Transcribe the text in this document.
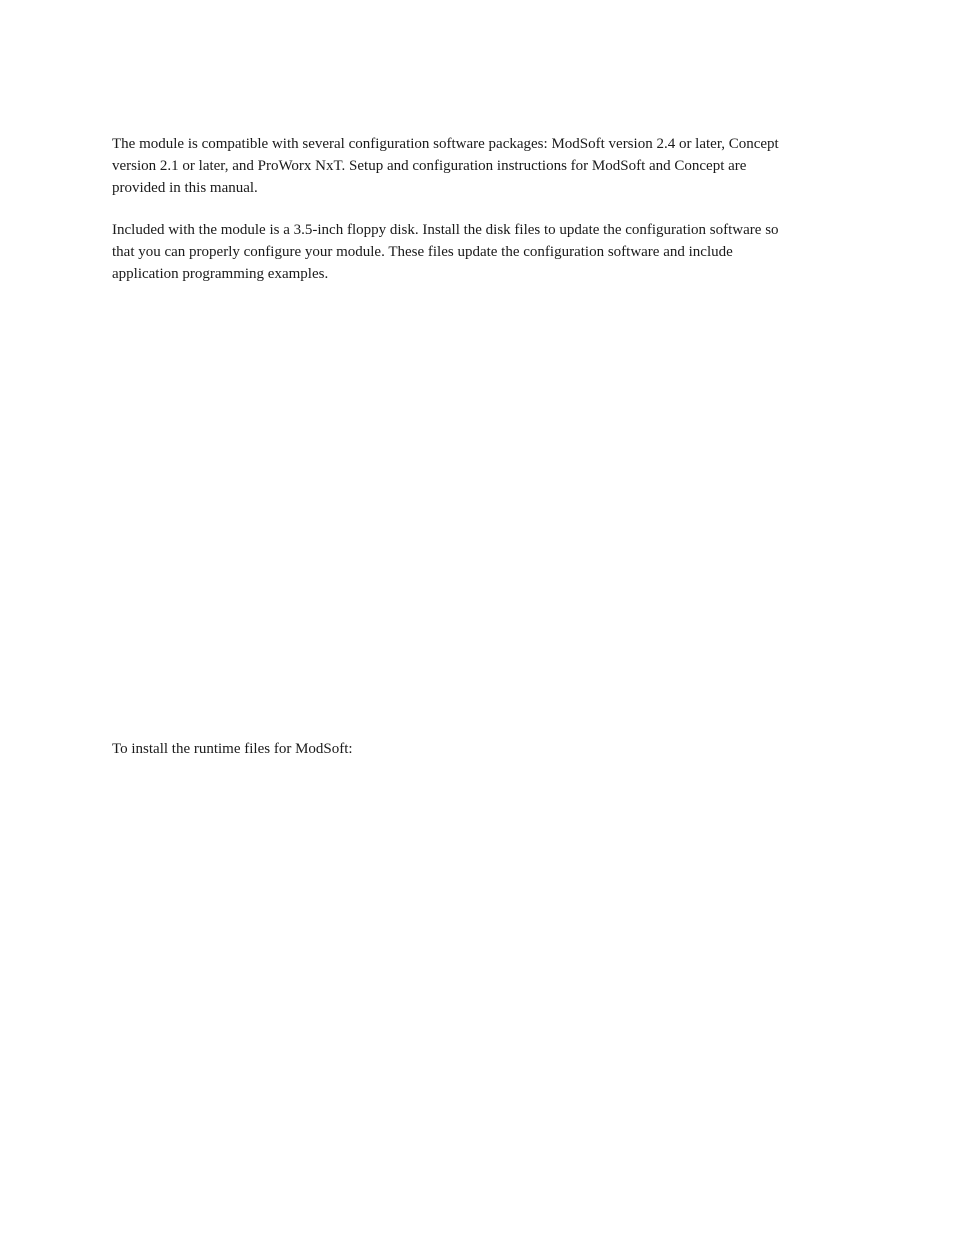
The module is compatible with several configuration software packages: ModSoft version 2.4 or later, Concept
version 2.1 or later, and ProWorx NxT. Setup and configuration instructions for ModSoft and Concept are
provided in this manual.

Included with the module is a 3.5-inch floppy disk. Install the disk files to update the configuration software so
that you can properly configure your module. These files update the configuration software and include
application programming examples.

To install the runtime files for ModSoft:
